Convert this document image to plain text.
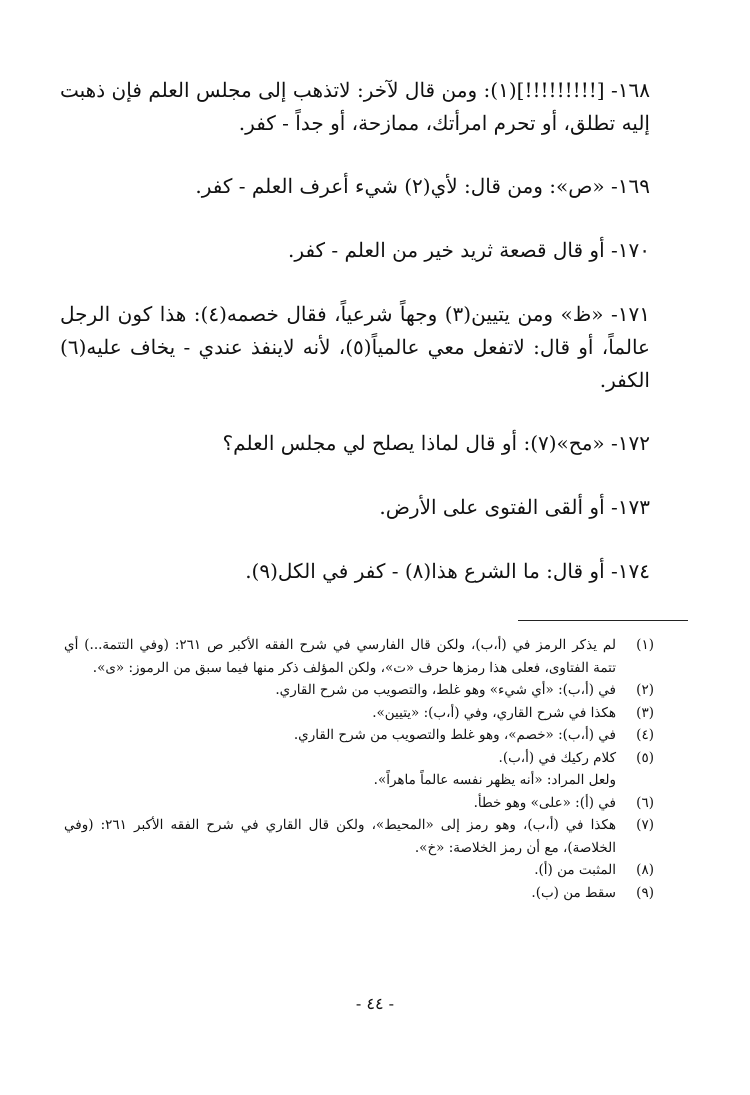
١٦٨- [!!!!!!!!!](١): ومن قال لآخر: لاتذهب إلى مجلس العلم فإن ذهبت إليه تطلق، أو تحرم امرأتك، ممازحة، أو جداً - كفر.

١٦٩- «ص»: ومن قال: لأي(٢) شيء أعرف العلم - كفر.

١٧٠- أو قال قصعة ثريد خير من العلم - كفر.

١٧١- «ظ» ومن يتيين(٣) وجهاً شرعياً، فقال خصمه(٤): هذا كون الرجل عالماً، أو قال: لاتفعل معي عالمياً(٥)، لأنه لاينفذ عندي - يخاف عليه(٦) الكفر.

١٧٢- «مح»(٧): أو قال لماذا يصلح لي مجلس العلم؟

١٧٣- أو ألقى الفتوى على الأرض.

١٧٤- أو قال: ما الشرع هذا(٨) - كفر في الكل(٩).

(١)
لم يذكر الرمز في (أ،ب)، ولكن قال الفارسي في شرح الفقه الأكبر ص ٢٦١: (وفي التتمة...) أي تتمة الفتاوى، فعلى هذا رمزها حرف «ت»، ولكن المؤلف ذكر منها فيما سبق من الرموز: «ى».
(٢)
في (أ،ب): «أي شيء» وهو غلط، والتصويب من شرح القاري.
(٣)
هكذا في شرح القاري، وفي (أ،ب): «يتيين».
(٤)
في (أ،ب): «خصم»، وهو غلط والتصويب من شرح القاري.
(٥)
كلام ركيك في (أ،ب).
ولعل المراد: «أنه يظهر نفسه عالماً ماهراً».
(٦)
في (أ): «على» وهو خطأ.
(٧)
هكذا في (أ،ب)، وهو رمز إلى «المحيط»، ولكن قال القاري في شرح الفقه الأكبر ٢٦١: (وفي الخلاصة)، مع أن رمز الخلاصة: «خ».
(٨)
المثبت من (أ).
(٩)
سقط من (ب).
- ٤٤ -
